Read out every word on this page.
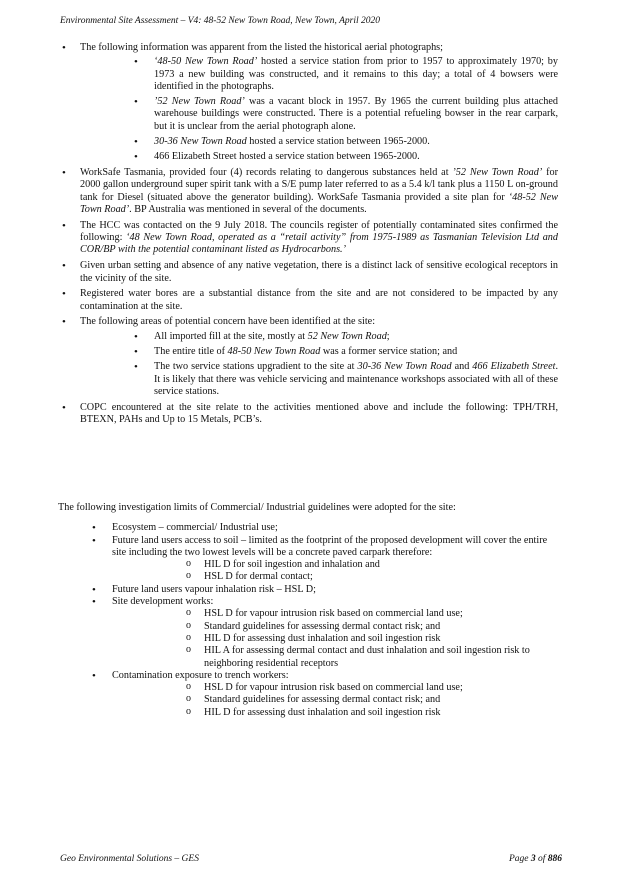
Environmental Site Assessment – V4: 48-52 New Town Road, New Town, April 2020
• The following information was apparent from the listed the historical aerial photographs;
• ‘48-50 New Town Road’ hosted a service station from prior to 1957 to approximately 1970; by 1973 a new building was constructed, and it remains to this day; a total of 4 bowsers were identified in the photographs.
• ’52 New Town Road’ was a vacant block in 1957. By 1965 the current building plus attached warehouse buildings were constructed. There is a potential refueling bowser in the rear carpark, but it is unclear from the aerial photograph alone.
• 30-36 New Town Road hosted a service station between 1965-2000.
• 466 Elizabeth Street hosted a service station between 1965-2000.
• WorkSafe Tasmania, provided four (4) records relating to dangerous substances held at ’52 New Town Road’ for 2000 gallon underground super spirit tank with a S/E pump later referred to as a 5.4 k/l tank plus a 1150 L on-ground tank for Diesel (situated above the generator building). WorkSafe Tasmania provided a site plan for ‘48-52 New Town Road’. BP Australia was mentioned in several of the documents.
• The HCC was contacted on the 9 July 2018. The councils register of potentially contaminated sites confirmed the following: ‘48 New Town Road, operated as a “retail activity” from 1975-1989 as Tasmanian Television Ltd and COR/BP with the potential contaminant listed as Hydrocarbons.’
• Given urban setting and absence of any native vegetation, there is a distinct lack of sensitive ecological receptors in the vicinity of the site.
• Registered water bores are a substantial distance from the site and are not considered to be impacted by any contamination at the site.
• The following areas of potential concern have been identified at the site:
• All imported fill at the site, mostly at 52 New Town Road;
• The entire title of 48-50 New Town Road was a former service station; and
• The two service stations upgradient to the site at 30-36 New Town Road and 466 Elizabeth Street. It is likely that there was vehicle servicing and maintenance workshops associated with all of these service stations.
• COPC encountered at the site relate to the activities mentioned above and include the following: TPH/TRH, BTEXN, PAHs and Up to 15 Metals, PCB’s.

The following investigation limits of Commercial/ Industrial guidelines were adopted for the site:

• Ecosystem – commercial/ Industrial use;
• Future land users access to soil – limited as the footprint of the proposed development will cover the entire site including the two lowest levels will be a concrete paved carpark therefore:
o HIL D for soil ingestion and inhalation and
o HSL D for dermal contact;
• Future land users vapour inhalation risk – HSL D;
• Site development works:
o HSL D for vapour intrusion risk based on commercial land use;
o Standard guidelines for assessing dermal contact risk; and
o HIL D for assessing dust inhalation and soil ingestion risk
o HIL A for assessing dermal contact and dust inhalation and soil ingestion risk to neighboring residential receptors
• Contamination exposure to trench workers:
o HSL D for vapour intrusion risk based on commercial land use;
o Standard guidelines for assessing dermal contact risk; and
o HIL D for assessing dust inhalation and soil ingestion risk
Geo Environmental Solutions – GES	Page 3 of 886
